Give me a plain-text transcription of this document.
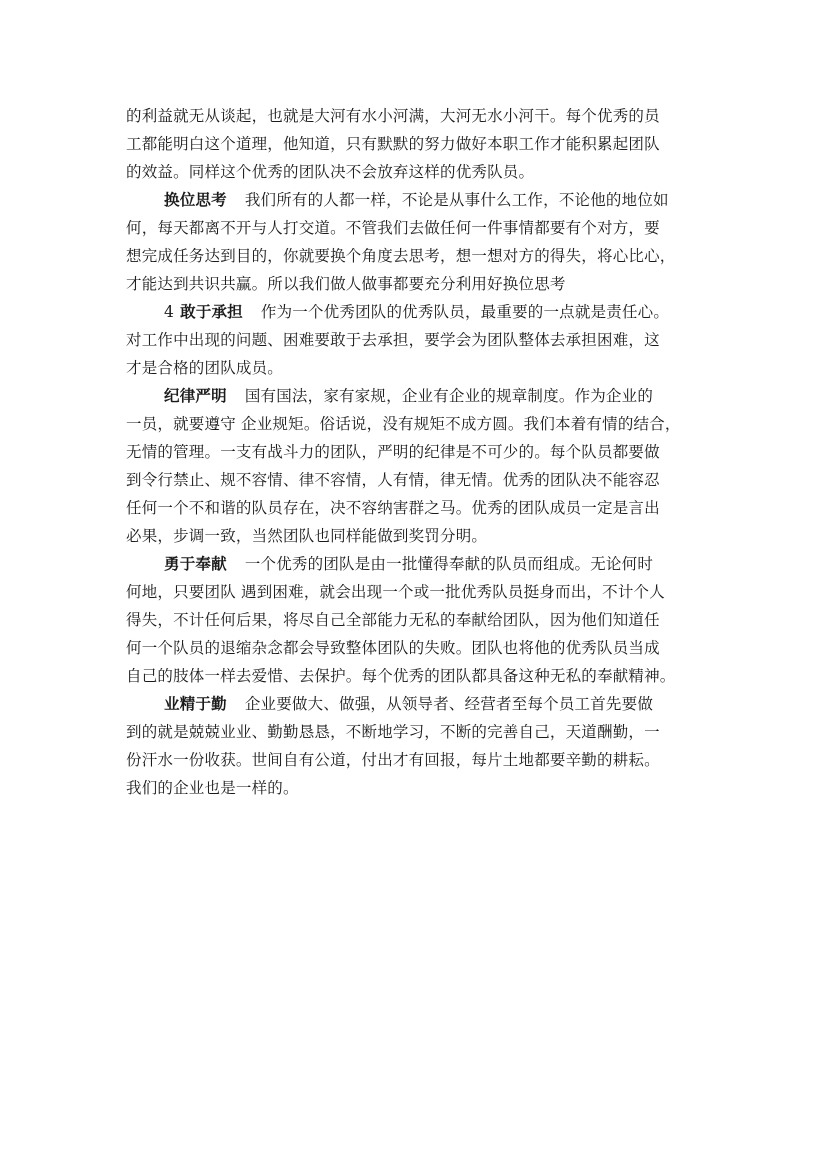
的利益就无从谈起，也就是大河有水小河满，大河无水小河干。每个优秀的员
工都能明白这个道理，他知道，只有默默的努力做好本职工作才能积累起团队
的效益。同样这个优秀的团队决不会放弃这样的优秀队员。
换位思考 我们所有的人都一样，不论是从事什么工作，不论他的地位如
何，每天都离不开与人打交道。不管我们去做任何一件事情都要有个对方，要
想完成任务达到目的，你就要换个角度去思考，想一想对方的得失，将心比心，
才能达到共识共赢。所以我们做人做事都要充分利用好换位思考
4 敢于承担 作为一个优秀团队的优秀队员，最重要的一点就是责任心。
对工作中出现的问题、困难要敢于去承担，要学会为团队整体去承担困难，这
才是合格的团队成员。
纪律严明 国有国法，家有家规，企业有企业的规章制度。作为企业的
一员，就要遵守 企业规矩。俗话说，没有规矩不成方圆。我们本着有情的结合，
无情的管理。一支有战斗力的团队，严明的纪律是不可少的。每个队员都要做
到令行禁止、规不容情、律不容情，人有情，律无情。优秀的团队决不能容忍
任何一个不和谐的队员存在，决不容纳害群之马。优秀的团队成员一定是言出
必果，步调一致，当然团队也同样能做到奖罚分明。
勇于奉献 一个优秀的团队是由一批懂得奉献的队员而组成。无论何时
何地，只要团队 遇到困难，就会出现一个或一批优秀队员挺身而出，不计个人
得失，不计任何后果，将尽自己全部能力无私的奉献给团队，因为他们知道任
何一个队员的退缩杂念都会导致整体团队的失败。团队也将他的优秀队员当成
自己的肢体一样去爱惜、去保护。每个优秀的团队都具备这种无私的奉献精神。
业精于勤 企业要做大、做强，从领导者、经营者至每个员工首先要做
到的就是兢兢业业、勤勤恳恳，不断地学习，不断的完善自己，天道酬勤，一
份汗水一份收获。世间自有公道，付出才有回报，每片土地都要辛勤的耕耘。
我们的企业也是一样的。
